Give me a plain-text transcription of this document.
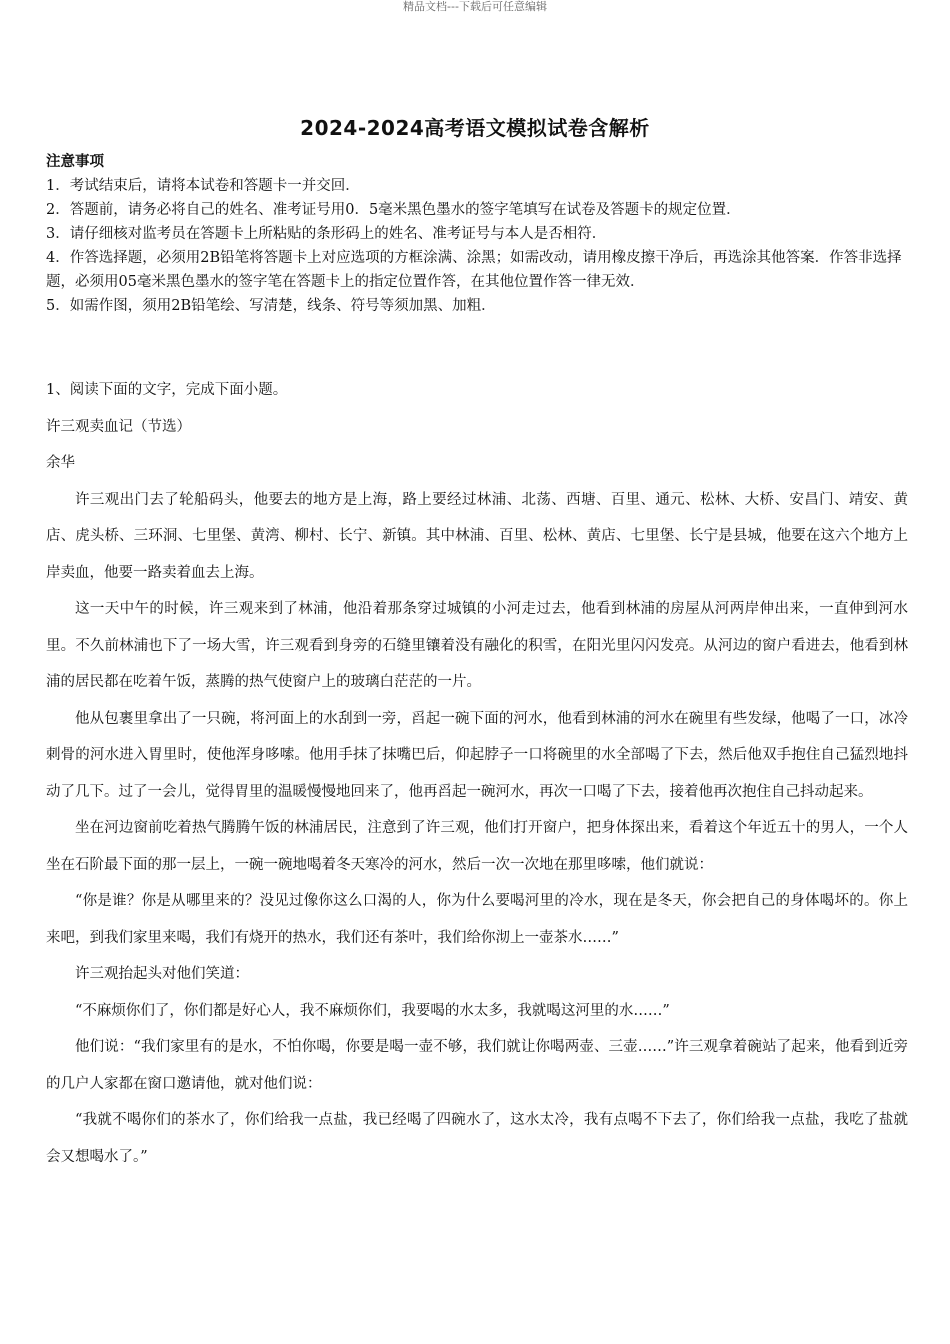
精品文档---下载后可任意编辑
2024-2024高考语文模拟试卷含解析

注意事项

1．考试结束后，请将本试卷和答题卡一并交回．

2．答题前，请务必将自己的姓名、准考证号用0．5毫米黑色墨水的签字笔填写在试卷及答题卡的规定位置．

3．请仔细核对监考员在答题卡上所粘贴的条形码上的姓名、准考证号与本人是否相符．

4．作答选择题，必须用2B铅笔将答题卡上对应选项的方框涂满、涂黑；如需改动，请用橡皮擦干净后，再选涂其他答案．作答非选择题，必须用05毫米黑色墨水的签字笔在答题卡上的指定位置作答，在其他位置作答一律无效．

5．如需作图，须用2B铅笔绘、写清楚，线条、符号等须加黑、加粗．

1、阅读下面的文字，完成下面小题。

许三观卖血记（节选）

余华

许三观出门去了轮船码头，他要去的地方是上海，路上要经过林浦、北荡、西塘、百里、通元、松林、大桥、安昌门、靖安、黄店、虎头桥、三环洞、七里堡、黄湾、柳村、长宁、新镇。其中林浦、百里、松林、黄店、七里堡、长宁是县城，他要在这六个地方上岸卖血，他要一路卖着血去上海。

这一天中午的时候，许三观来到了林浦，他沿着那条穿过城镇的小河走过去，他看到林浦的房屋从河两岸伸出来，一直伸到河水里。不久前林浦也下了一场大雪，许三观看到身旁的石缝里镶着没有融化的积雪，在阳光里闪闪发亮。从河边的窗户看进去，他看到林浦的居民都在吃着午饭，蒸腾的热气使窗户上的玻璃白茫茫的一片。

他从包裹里拿出了一只碗，将河面上的水刮到一旁，舀起一碗下面的河水，他看到林浦的河水在碗里有些发绿，他喝了一口，冰冷刺骨的河水进入胃里时，使他浑身哆嗦。他用手抹了抹嘴巴后，仰起脖子一口将碗里的水全部喝了下去，然后他双手抱住自己猛烈地抖动了几下。过了一会儿，觉得胃里的温暖慢慢地回来了，他再舀起一碗河水，再次一口喝了下去，接着他再次抱住自己抖动起来。

坐在河边窗前吃着热气腾腾午饭的林浦居民，注意到了许三观，他们打开窗户，把身体探出来，看着这个年近五十的男人，一个人坐在石阶最下面的那一层上，一碗一碗地喝着冬天寒冷的河水，然后一次一次地在那里哆嗦，他们就说：

“你是谁？你是从哪里来的？没见过像你这么口渴的人，你为什么要喝河里的冷水，现在是冬天，你会把自己的身体喝坏的。你上来吧，到我们家里来喝，我们有烧开的热水，我们还有茶叶，我们给你沏上一壶茶水……”

许三观抬起头对他们笑道：

“不麻烦你们了，你们都是好心人，我不麻烦你们，我要喝的水太多，我就喝这河里的水……”

他们说：“我们家里有的是水，不怕你喝，你要是喝一壶不够，我们就让你喝两壶、三壶……”许三观拿着碗站了起来，他看到近旁的几户人家都在窗口邀请他，就对他们说：

“我就不喝你们的茶水了，你们给我一点盐，我已经喝了四碗水了，这水太冷，我有点喝不下去了，你们给我一点盐，我吃了盐就会又想喝水了。”
